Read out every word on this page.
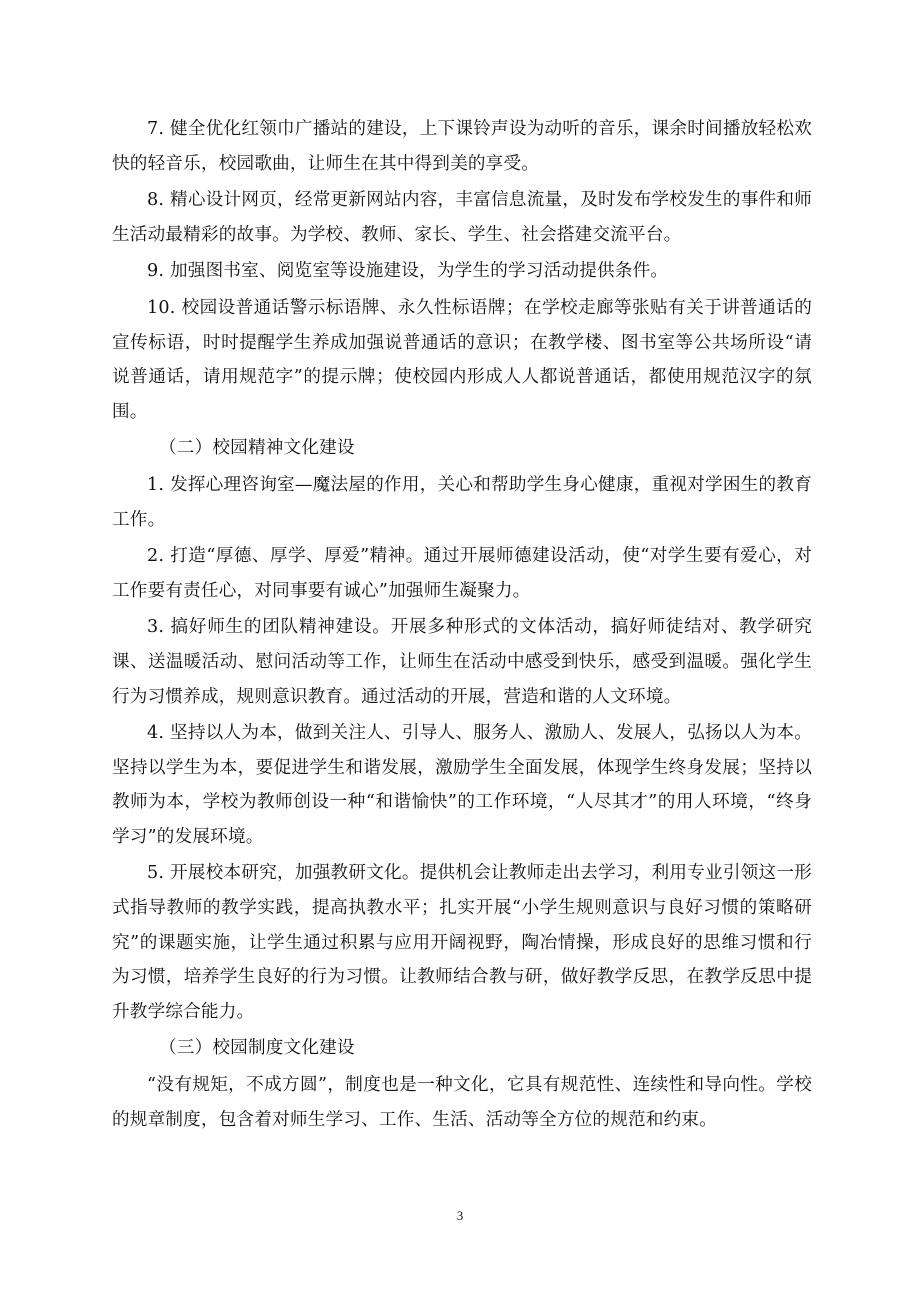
7. 健全优化红领巾广播站的建设，上下课铃声设为动听的音乐，课余时间播放轻松欢快的轻音乐，校园歌曲，让师生在其中得到美的享受。

8. 精心设计网页，经常更新网站内容，丰富信息流量，及时发布学校发生的事件和师生活动最精彩的故事。为学校、教师、家长、学生、社会搭建交流平台。

9. 加强图书室、阅览室等设施建设，为学生的学习活动提供条件。

10. 校园设普通话警示标语牌、永久性标语牌；在学校走廊等张贴有关于讲普通话的宣传标语，时时提醒学生养成加强说普通话的意识；在教学楼、图书室等公共场所设“请说普通话，请用规范字”的提示牌；使校园内形成人人都说普通话，都使用规范汉字的氛围。

（二）校园精神文化建设

1. 发挥心理咨询室—魔法屋的作用，关心和帮助学生身心健康，重视对学困生的教育工作。

2. 打造“厚德、厚学、厚爱”精神。通过开展师德建设活动，使“对学生要有爱心，对工作要有责任心，对同事要有诚心”加强师生凝聚力。

3. 搞好师生的团队精神建设。开展多种形式的文体活动，搞好师徒结对、教学研究课、送温暖活动、慰问活动等工作，让师生在活动中感受到快乐，感受到温暖。强化学生行为习惯养成，规则意识教育。通过活动的开展，营造和谐的人文环境。

4. 坚持以人为本，做到关注人、引导人、服务人、激励人、发展人，弘扬以人为本。坚持以学生为本，要促进学生和谐发展，激励学生全面发展，体现学生终身发展；坚持以教师为本，学校为教师创设一种“和谐愉快”的工作环境，“人尽其才”的用人环境，“终身学习”的发展环境。

5. 开展校本研究，加强教研文化。提供机会让教师走出去学习，利用专业引领这一形式指导教师的教学实践，提高执教水平；扎实开展“小学生规则意识与良好习惯的策略研究”的课题实施，让学生通过积累与应用开阔视野，陶冶情操，形成良好的思维习惯和行为习惯，培养学生良好的行为习惯。让教师结合教与研，做好教学反思，在教学反思中提升教学综合能力。

（三）校园制度文化建设

“没有规矩，不成方圆”，制度也是一种文化，它具有规范性、连续性和导向性。学校的规章制度，包含着对师生学习、工作、生活、活动等全方位的规范和约束。

3
